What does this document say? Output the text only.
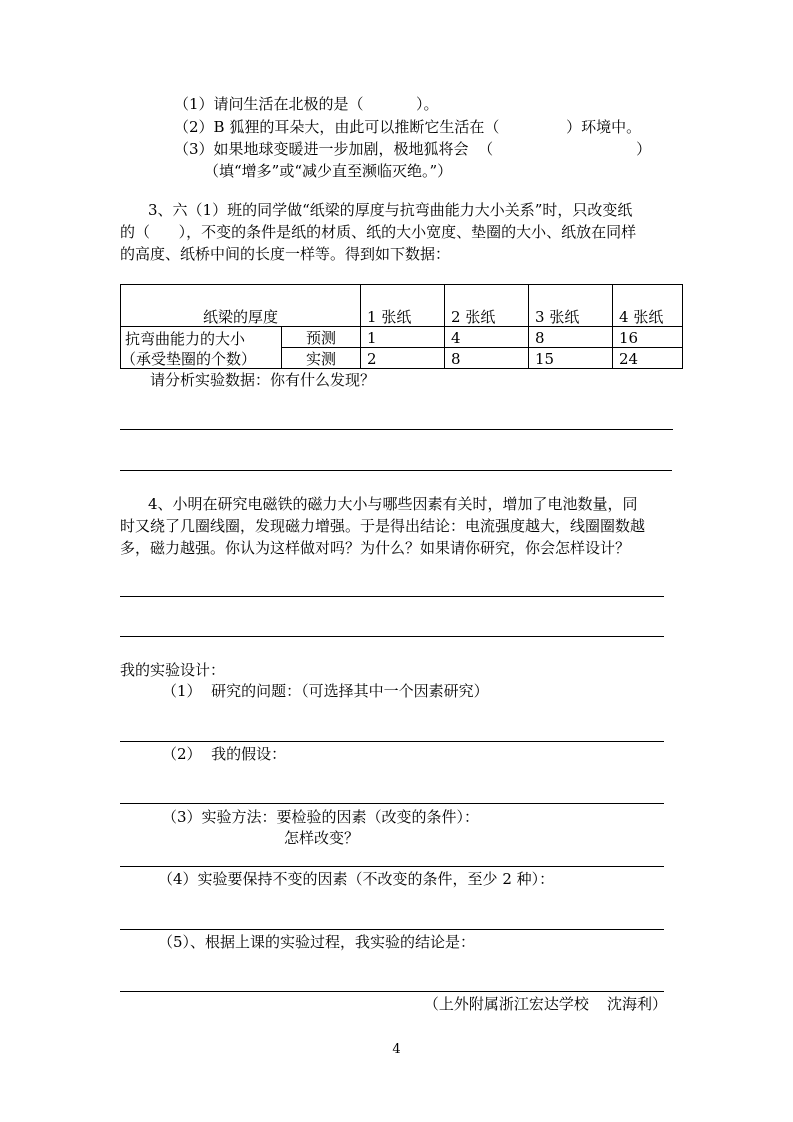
（1）请问生活在北极的是（           ）。

（2）B 狐狸的耳朵大，由此可以推断它生活在（              ）环境中。

（3）如果地球变暖进一步加剧，极地狐将会  （                              ）

（填“增多”或“减少直至濒临灭绝。”）

3、六（1）班的同学做“纸梁的厚度与抗弯曲能力大小关系”时，只改变纸

的（      ），不变的条件是纸的材质、纸的大小宽度、垫圈的大小、纸放在同样

的高度、纸桥中间的长度一样等。得到如下数据：

纸梁的厚度		1 张纸	2 张纸	3 张纸	4 张纸
抗弯曲能力的大小	预测	1	4	8	16
（承受垫圈的个数）	实测	2	8	15	24

请分析实验数据：你有什么发现？

4、小明在研究电磁铁的磁力大小与哪些因素有关时，增加了电池数量，同

时又绕了几圈线圈，发现磁力增强。于是得出结论：电流强度越大，线圈圈数越

多，磁力越强。你认为这样做对吗？为什么？如果请你研究，你会怎样设计？

我的实验设计：

（1）  研究的问题：（可选择其中一个因素研究）

（2）  我的假设：

（3）实验方法：要检验的因素（改变的条件）：

怎样改变？

（4）实验要保持不变的因素（不改变的条件，至少 2 种）：

（5）、根据上课的实验过程，我实验的结论是：

（上外附属浙江宏达学校  沈海利）

4
